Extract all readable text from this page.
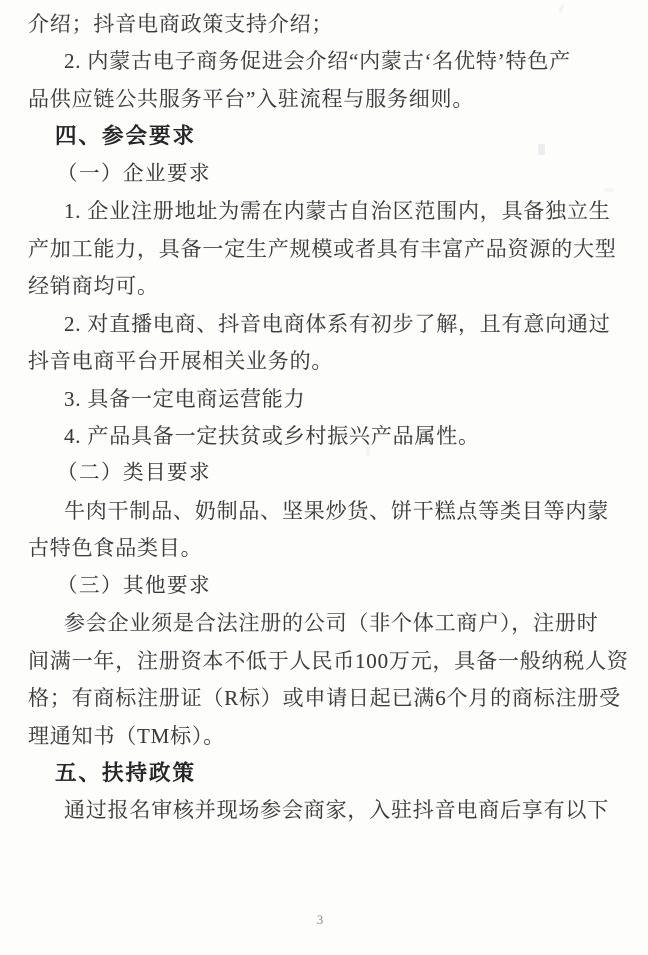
介绍；抖音电商政策支持介绍；
2. 内蒙古电子商务促进会介绍“内蒙古‘名优特’特色产
品供应链公共服务平台”入驻流程与服务细则。
四、参会要求
（一）企业要求
1. 企业注册地址为需在内蒙古自治区范围内，具备独立生
产加工能力，具备一定生产规模或者具有丰富产品资源的大型
经销商均可。
2. 对直播电商、抖音电商体系有初步了解，且有意向通过
抖音电商平台开展相关业务的。
3. 具备一定电商运营能力
4. 产品具备一定扶贫或乡村振兴产品属性。
（二）类目要求
牛肉干制品、奶制品、坚果炒货、饼干糕点等类目等内蒙
古特色食品类目。
（三）其他要求
参会企业须是合法注册的公司（非个体工商户），注册时
间满一年，注册资本不低于人民币100万元，具备一般纳税人资
格；有商标注册证（R标）或申请日起已满6个月的商标注册受
理通知书（TM标）。
五、扶持政策
通过报名审核并现场参会商家，入驻抖音电商后享有以下
3
